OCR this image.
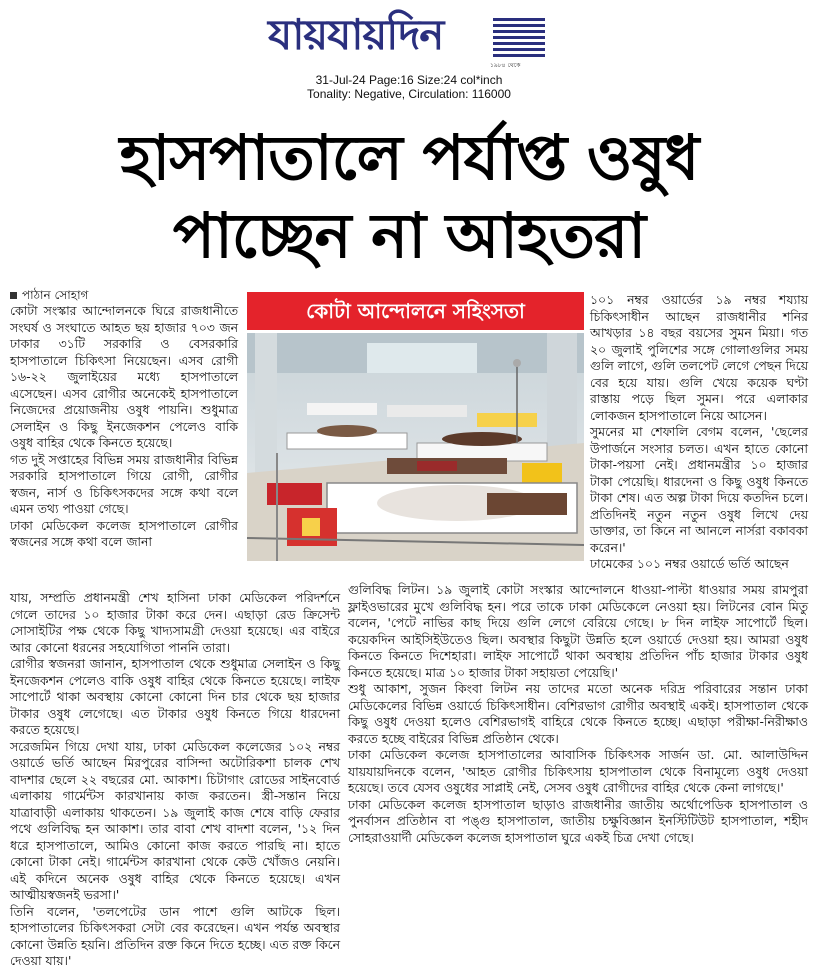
যায়যায়দিন
১৯৮৪ থেকে
31-Jul-24 Page:16 Size:24 col*inch
Tonality: Negative, Circulation: 116000
হাসপাতালে পর্যাপ্ত ওষুধ
পাচ্ছেন না আহতরা
পাঠান সোহাগ

কোটা সংস্কার আন্দোলনকে ঘিরে রাজধানীতে সংঘর্ষ ও সংঘাতে আহত ছয় হাজার ৭০৩ জন ঢাকার ৩১টি সরকারি ও বেসরকারি হাসপাতালে চিকিৎসা নিয়েছেন। এসব রোগী ১৬-২২ জুলাইয়ের মধ্যে হাসপাতালে এসেছেন। এসব রোগীর অনেকেই হাসপাতালে নিজেদের প্রয়োজনীয় ওষুধ পায়নি। শুধুমাত্র সেলাইন ও কিছু ইনজেকশন পেলেও বাকি ওষুধ বাহির থেকে কিনতে হয়েছে।

গত দুই সপ্তাহের বিভিন্ন সময় রাজধানীর বিভিন্ন সরকারি হাসপাতালে গিয়ে রোগী, রোগীর স্বজন, নার্স ও চিকিৎসকদের সঙ্গে কথা বলে এমন তথ্য পাওয়া গেছে।

ঢাকা মেডিকেল কলেজ হাসপাতালে রোগীর স্বজনের সঙ্গে কথা বলে জানা

কোটা আন্দোলনে সহিংসতা	১০১ নম্বর ওয়ার্ডের ১৯ নম্বর শয্যায় চিকিৎসাধীন আছেন রাজধানীর শনির আখড়ার ১৪ বছর বয়সের সুমন মিয়া। গত ২০ জুলাই পুলিশের সঙ্গে গোলাগুলির সময় গুলি লাগে, গুলি তলপেট লেগে পেছন দিয়ে বের হয়ে যায়। গুলি খেয়ে কয়েক ঘণ্টা রাস্তায় পড়ে ছিল সুমন। পরে এলাকার লোকজন হাসপাতালে নিয়ে আসেন।

সুমনের মা শেফালি বেগম বলেন, 'ছেলের উপার্জনে সংসার চলত। এখন হাতে কোনো টাকা-পয়সা নেই। প্রধানমন্ত্রীর ১০ হাজার টাকা পেয়েছি। ধারদেনা ও কিছু ওষুধ কিনতে টাকা শেষ। এত অল্প টাকা দিয়ে কতদিন চলে। প্রতিদিনই নতুন নতুন ওষুধ লিখে দেয় ডাক্তার, তা কিনে না আনলে নার্সরা বকাবকা করেন।'

ঢামেকের ১০১ নম্বর ওয়ার্ডে ভর্তি আছেন

যায়, সম্প্রতি প্রধানমন্ত্রী শেখ হাসিনা ঢাকা মেডিকেল পরিদর্শনে গেলে তাদের ১০ হাজার টাকা করে দেন। এছাড়া রেড ক্রিসেন্ট সোসাইটির পক্ষ থেকে কিছু খাদ্যসামগ্রী দেওয়া হয়েছে। এর বাইরে আর কোনো ধরনের সহযোগিতা পাননি তারা।

রোগীর স্বজনরা জানান, হাসপাতাল থেকে শুধুমাত্র সেলাইন ও কিছু ইনজেকশন পেলেও বাকি ওষুধ বাহির থেকে কিনতে হয়েছে। লাইফ সাপোর্টে থাকা অবস্থায় কোনো কোনো দিন চার থেকে ছয় হাজার টাকার ওষুধ লেগেছে। এত টাকার ওষুধ কিনতে গিয়ে ধারদেনা করতে হয়েছে।

সরেজমিন গিয়ে দেখা যায়, ঢাকা মেডিকেল কলেজের ১০২ নম্বর ওয়ার্ডে ভর্তি আছেন মিরপুরের বাসিন্দা অটোরিকশা চালক শেখ বাদশার ছেলে ২২ বছরের মো. আকাশ। চিটাগাং রোডের সাইনবোর্ড এলাকায় গার্মেন্টস কারখানায় কাজ করতেন। স্ত্রী-সন্তান নিয়ে যাত্রাবাড়ী এলাকায় থাকতেন। ১৯ জুলাই কাজ শেষে বাড়ি ফেরার পথে গুলিবিদ্ধ হন আকাশ। তার বাবা শেখ বাদশা বলেন, '১২ দিন ধরে হাসপাতালে, আমিও কোনো কাজ করতে পারছি না। হাতে কোনো টাকা নেই। গার্মেন্টস কারখানা থেকে কেউ খোঁজও নেয়নি। এই কদিনে অনেক ওষুধ বাহির থেকে কিনতে হয়েছে। এখন আত্মীয়স্বজনই ভরসা।'

তিনি বলেন, 'তলপেটের ডান পাশে গুলি আটকে ছিল। হাসপাতালের চিকিৎসকরা সেটা বের করেছেন। এখন পর্যন্ত অবস্থার কোনো উন্নতি হয়নি। প্রতিদিন রক্ত কিনে দিতে হচ্ছে। এত রক্ত কিনে দেওয়া যায়।'

গুলিবিদ্ধ লিটন। ১৯ জুলাই কোটা সংস্কার আন্দোলনে ধাওয়া-পাল্টা ধাওয়ার সময় রামপুরা ফ্লাইওভারের মুখে গুলিবিদ্ধ হন। পরে তাকে ঢাকা মেডিকেলে নেওয়া হয়। লিটনের বোন মিতু বলেন, 'পেটে নাভির কাছ দিয়ে গুলি লেগে বেরিয়ে গেছে। ৮ দিন লাইফ সাপোর্টে ছিল। কয়েকদিন আইসিইউতেও ছিল। অবস্থার কিছুটা উন্নতি হলে ওয়ার্ডে দেওয়া হয়। আমরা ওষুধ কিনতে কিনতে দিশেহারা। লাইফ সাপোর্টে থাকা অবস্থায় প্রতিদিন পাঁচ হাজার টাকার ওষুধ কিনতে হয়েছে। মাত্র ১০ হাজার টাকা সহায়তা পেয়েছি।'

শুধু আকাশ, সুজন কিংবা লিটন নয় তাদের মতো অনেক দরিদ্র পরিবারের সন্তান ঢাকা মেডিকেলের বিভিন্ন ওয়ার্ডে চিকিৎসাধীন। বেশিরভাগ রোগীর অবস্থাই একই। হাসপাতাল থেকে কিছু ওষুধ দেওয়া হলেও বেশিরভাগই বাহিরে থেকে কিনতে হচ্ছে। এছাড়া পরীক্ষা-নিরীক্ষাও করতে হচ্ছে বাইরের বিভিন্ন প্রতিষ্ঠান থেকে।

ঢাকা মেডিকেল কলেজ হাসপাতালের আবাসিক চিকিৎসক সার্জন ডা. মো. আলাউদ্দিন যায়যায়দিনকে বলেন, 'আহত রোগীর চিকিৎসায় হাসপাতাল থেকে বিনামূল্যে ওষুধ দেওয়া হয়েছে। তবে যেসব ওষুধের সাপ্লাই নেই, সেসব ওষুধ রোগীদের বাহির থেকে কেনা লাগছে।'

ঢাকা মেডিকেল কলেজ হাসপাতাল ছাড়াও রাজধানীর জাতীয় অর্থোপেডিক হাসপাতাল ও পুনর্বাসন প্রতিষ্ঠান বা পঙ্গু হাসপাতাল, জাতীয় চক্ষুবিজ্ঞান ইনস্টিটিউট হাসপাতাল, শহীদ সোহরাওয়ার্দী মেডিকেল কলেজ হাসপাতাল ঘুরে একই চিত্র দেখা গেছে।
